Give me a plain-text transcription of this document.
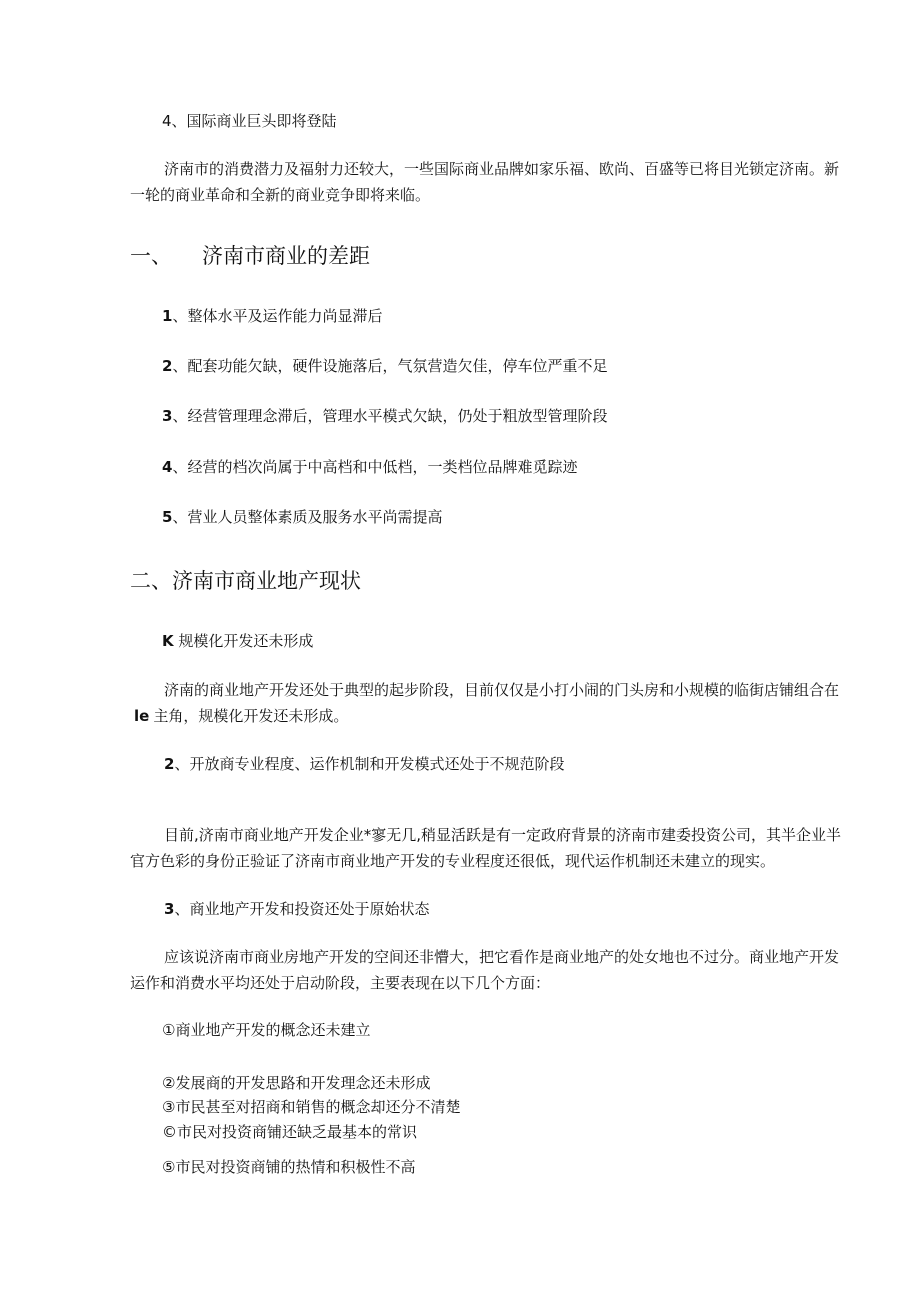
4、国际商业巨头即将登陆

济南市的消费潜力及福射力还较大，一些国际商业品牌如家乐福、欧尚、百盛等已将目光锁定济南。新一轮的商业革命和全新的商业竞争即将来临。

一、 济南市商业的差距
1、整体水平及运作能力尚显滞后
2、配套功能欠缺，硬件设施落后，气氛营造欠佳，停车位严重不足
3、经营管理理念滞后，管理水平模式欠缺，仍处于粗放型管理阶段
4、经营的档次尚属于中高档和中低档，一类档位品牌难觅踪迹
5、营业人员整体素质及服务水平尚需提高
二、济南市商业地产现状
K 规模化开发还未形成

济南的商业地产开发还处于典型的起步阶段，目前仅仅是小打小闹的门头房和小规模的临街店铺组合在le 主角，规模化开发还未形成。

2、开放商专业程度、运作机制和开发模式还处于不规范阶段

目前,济南市商业地产开发企业*寥无几,稍显活跃是有一定政府背景的济南市建委投资公司，其半企业半官方色彩的身份正验证了济南市商业地产开发的专业程度还很低，现代运作机制还未建立的现实。

3、商业地产开发和投资还处于原始状态

应该说济南市商业房地产开发的空间还非懵大，把它看作是商业地产的处女地也不过分。商业地产开发运作和消费水平均还处于启动阶段，主要表现在以下几个方面：

①商业地产开发的概念还未建立
②发展商的开发思路和开发理念还未形成
③市民甚至对招商和销售的概念却还分不清楚
©市民对投资商铺还缺乏最基本的常识
⑤市民对投资商铺的热情和积极性不高
